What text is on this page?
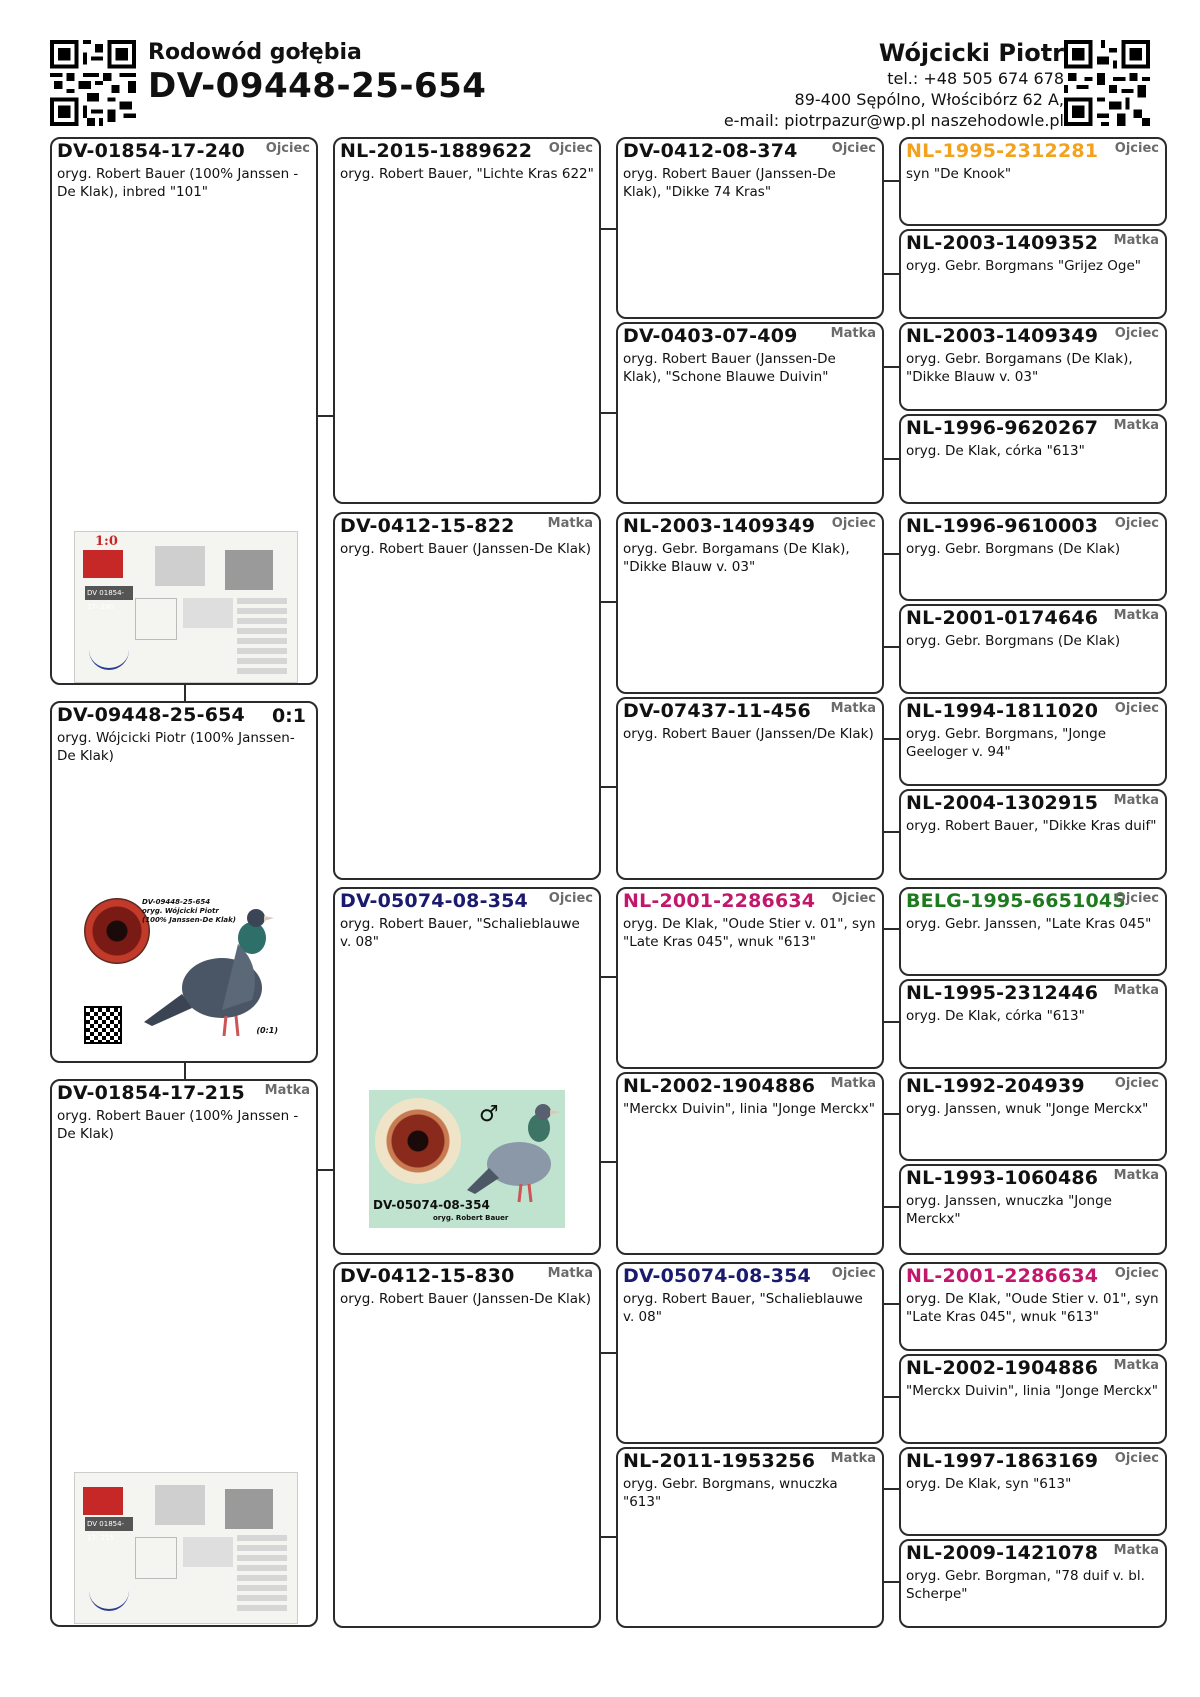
Rodowód gołębia
DV-09448-25-654
Wójcicki Piotr
tel.: +48 505 674 678
89-400 Sępólno, Włościbórz 62 A,
e-mail: piotrpazur@wp.pl naszehodowle.pl
DV-01854-17-240 Ojciec
oryg. Robert Bauer (100% Janssen - De Klak), inbred "101"
1:0
DV 01854-17- 240
DV-09448-25-654 0:1
oryg. Wójcicki Piotr (100% Janssen-De Klak)
DV-09448-25-654
oryg. Wójcicki Piotr
(100% Janssen-De Klak)
(0:1)
DV-01854-17-215 Matka
oryg. Robert Bauer (100% Janssen - De Klak)
DV 01854-17- 215
NL-2015-1889622 Ojciec
oryg. Robert Bauer, "Lichte Kras 622"
DV-0412-15-822	Matka
oryg. Robert Bauer (Janssen-De Klak)
DV-05074-08-354 Ojciec
oryg. Robert Bauer, "Schalieblauwe v. 08"
♂
DV-05074-08-354
oryg. Robert Bauer
DV-0412-15-830	Matka
oryg. Robert Bauer (Janssen-De Klak)
DV-0412-08-374	Ojciec
oryg. Robert Bauer (Janssen-De Klak), "Dikke 74 Kras"
DV-0403-07-409	Matka
oryg. Robert Bauer (Janssen-De Klak), "Schone Blauwe Duivin"
NL-2003-1409349 Ojciec
oryg. Gebr. Borgamans (De Klak), "Dikke Blauw v. 03"
DV-07437-11-456 Matka
oryg. Robert Bauer (Janssen/De Klak)
NL-2001-2286634 Ojciec
oryg. De Klak, "Oude Stier v. 01", syn "Late Kras 045", wnuk "613"
NL-2002-1904886 Matka
"Merckx Duivin", linia "Jonge Merckx"
DV-05074-08-354 Ojciec
oryg. Robert Bauer, "Schalieblauwe v. 08"
NL-2011-1953256 Matka
oryg. Gebr. Borgmans, wnuczka "613"
NL-1995-2312281 Ojciec
syn "De Knook"
NL-2003-1409352 Matka
oryg. Gebr. Borgmans "Grijez Oge"
NL-2003-1409349 Ojciec
oryg. Gebr. Borgamans (De Klak), "Dikke Blauw v. 03"
NL-1996-9620267 Matka
oryg. De Klak, córka "613"
NL-1996-9610003 Ojciec
oryg. Gebr. Borgmans (De Klak)
NL-2001-0174646 Matka
oryg. Gebr. Borgmans (De Klak)
NL-1994-1811020 Ojciec
oryg. Gebr. Borgmans, "Jonge Geeloger v. 94"
NL-2004-1302915 Matka
oryg. Robert Bauer, "Dikke Kras duif"
BELG-1995-6651045
Ojciec
oryg. Gebr. Janssen, "Late Kras 045"
NL-1995-2312446 Matka
oryg. De Klak, córka "613"
NL-1992-204939 Ojciec
oryg. Janssen, wnuk "Jonge Merckx"
NL-1993-1060486 Matka
oryg. Janssen, wnuczka "Jonge Merckx"
NL-2001-2286634 Ojciec
oryg. De Klak, "Oude Stier v. 01", syn "Late Kras 045", wnuk "613"
NL-2002-1904886 Matka
"Merckx Duivin", linia "Jonge Merckx"
NL-1997-1863169 Ojciec
oryg. De Klak, syn "613"
NL-2009-1421078 Matka
oryg. Gebr. Borgman, "78 duif v. bl. Scherpe"
